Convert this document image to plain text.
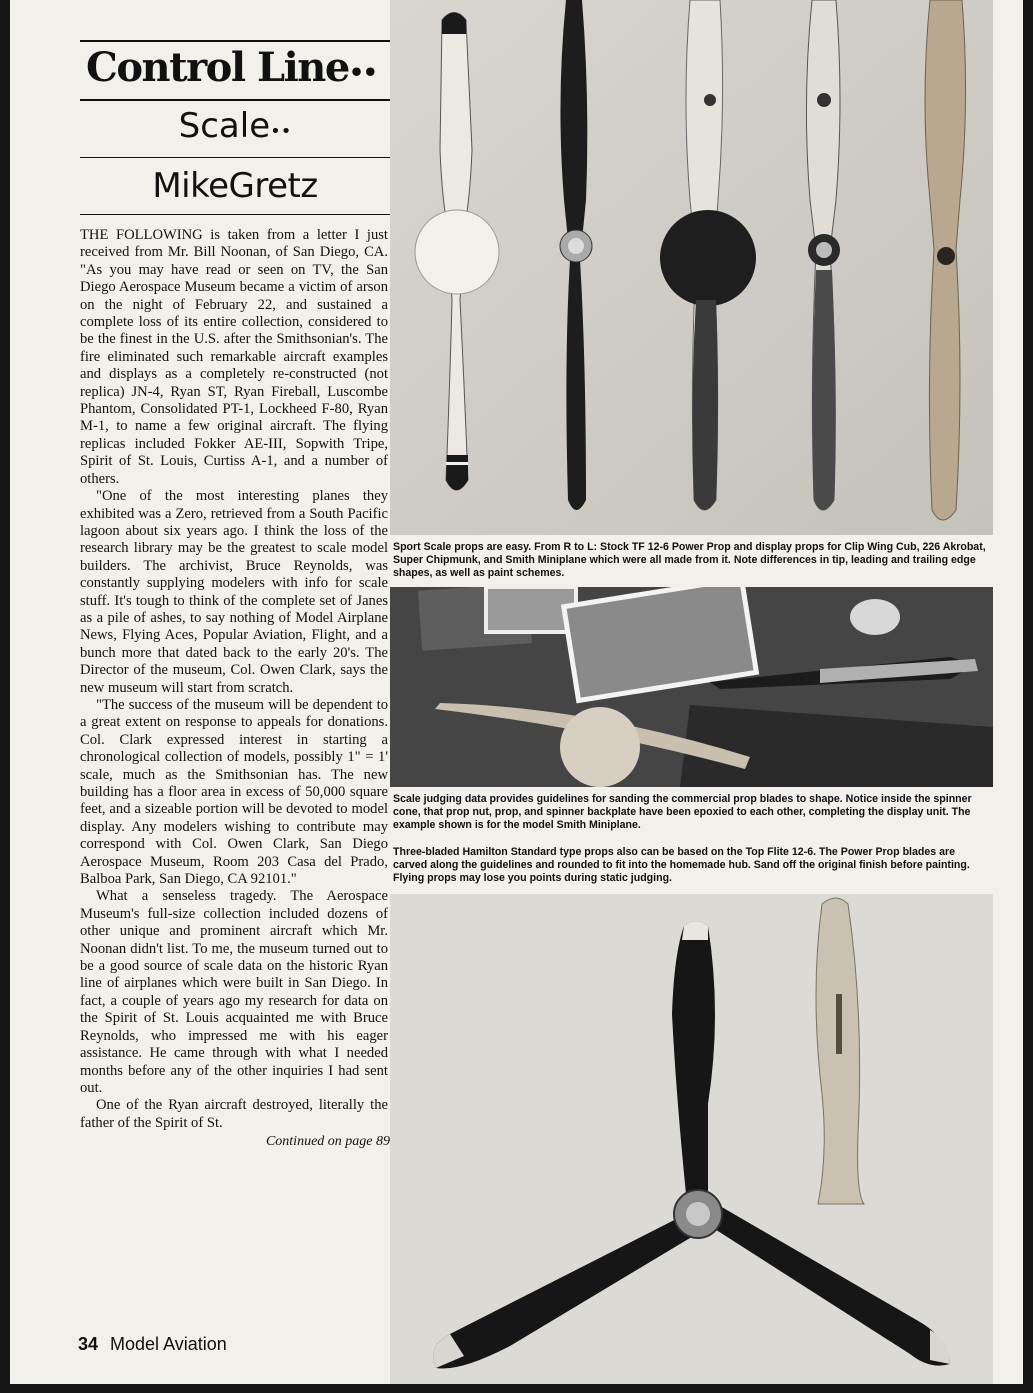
Control Line••
Scale••
MikeGretz

THE FOLLOWING is taken from a letter I just received from Mr. Bill Noonan, of San Diego, CA. "As you may have read or seen on TV, the San Diego Aerospace Museum became a victim of arson on the night of February 22, and sustained a complete loss of its entire collection, considered to be the finest in the U.S. after the Smithsonian's. The fire eliminated such remarkable aircraft examples and displays as a completely re-constructed (not replica) JN-4, Ryan ST, Ryan Fireball, Luscombe Phantom, Consolidated PT-1, Lockheed F-80, Ryan M-1, to name a few original aircraft. The flying replicas included Fokker AE-III, Sopwith Tripe, Spirit of St. Louis, Curtiss A-1, and a number of others.

"One of the most interesting planes they exhibited was a Zero, retrieved from a South Pacific lagoon about six years ago. I think the loss of the research library may be the greatest to scale model builders. The archivist, Bruce Reynolds, was constantly supplying modelers with info for scale stuff. It's tough to think of the complete set of Janes as a pile of ashes, to say nothing of Model Airplane News, Flying Aces, Popular Aviation, Flight, and a bunch more that dated back to the early 20's. The Director of the museum, Col. Owen Clark, says the new museum will start from scratch.

"The success of the museum will be dependent to a great extent on response to appeals for donations. Col. Clark expressed interest in starting a chronological collection of models, possibly 1" = 1' scale, much as the Smithsonian has. The new building has a floor area in excess of 50,000 square feet, and a sizeable portion will be devoted to model display. Any modelers wishing to contribute may correspond with Col. Owen Clark, San Diego Aerospace Museum, Room 203 Casa del Prado, Balboa Park, San Diego, CA 92101."

What a senseless tragedy. The Aerospace Museum's full-size collection included dozens of other unique and prominent aircraft which Mr. Noonan didn't list. To me, the museum turned out to be a good source of scale data on the historic Ryan line of airplanes which were built in San Diego. In fact, a couple of years ago my research for data on the Spirit of St. Louis acquainted me with Bruce Reynolds, who impressed me with his eager assistance. He came through with what I needed months before any of the other inquiries I had sent out.

One of the Ryan aircraft destroyed, literally the father of the Spirit of St.

Continued on page 89
34 Model Aviation
Sport Scale props are easy. From R to L: Stock TF 12-6 Power Prop and display props for Clip Wing Cub, 226 Akrobat, Super Chipmunk, and Smith Miniplane which were all made from it. Note differences in tip, leading and trailing edge shapes, as well as paint schemes.
Scale judging data provides guidelines for sanding the commercial prop blades to shape. Notice inside the spinner cone, that prop nut, prop, and spinner backplate have been epoxied to each other, completing the display unit. The example shown is for the model Smith Miniplane.
Three-bladed Hamilton Standard type props also can be based on the Top Flite 12-6. The Power Prop blades are carved along the guidelines and rounded to fit into the homemade hub. Sand off the original finish before painting. Flying props may lose you points during static judging.
